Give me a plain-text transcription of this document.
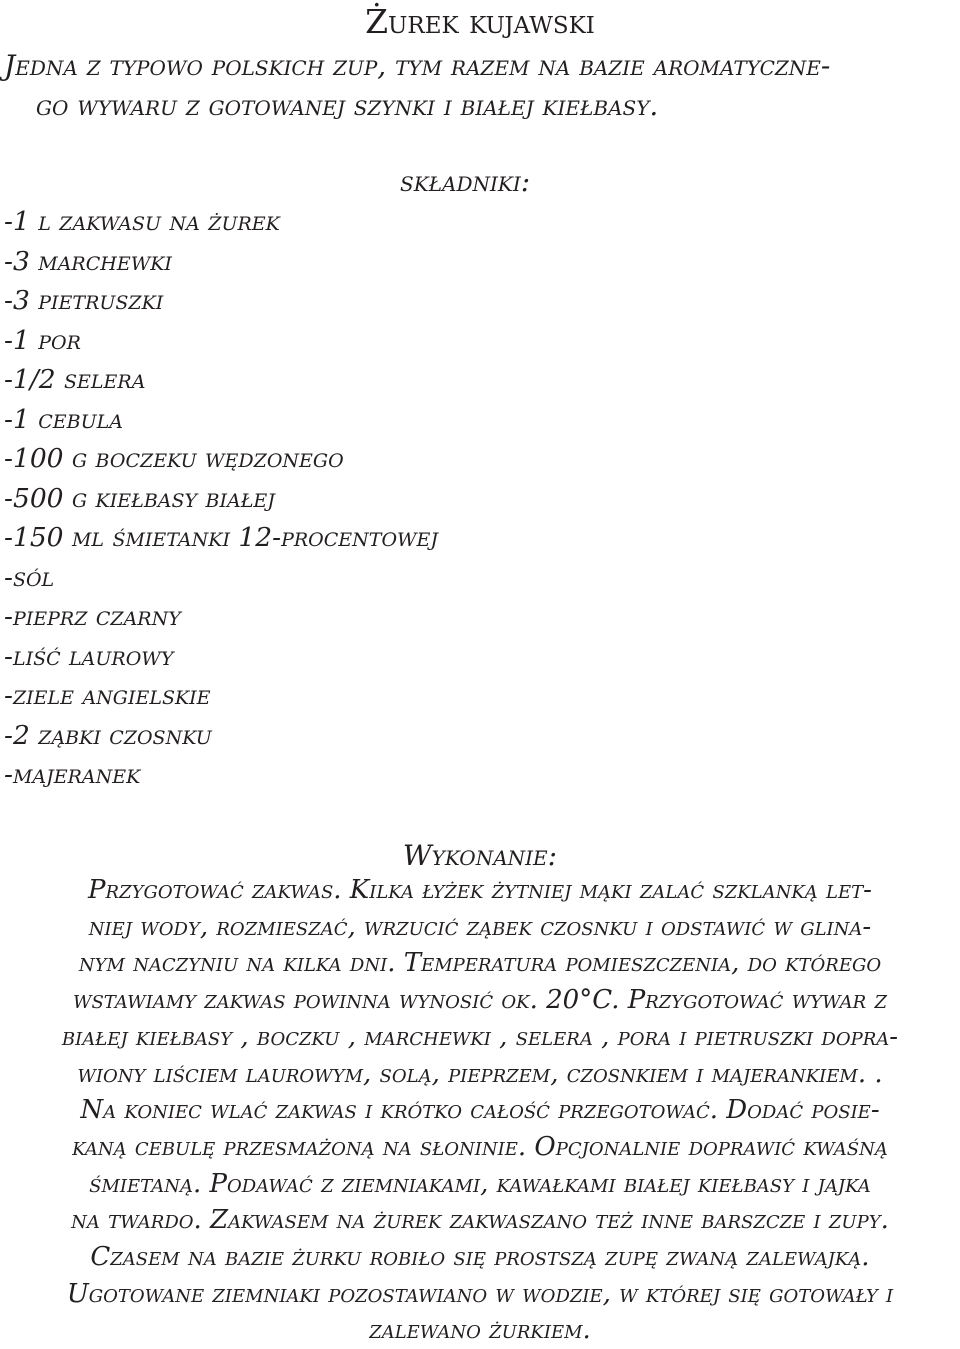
Żurek kujawski

Jedna z typowo polskich zup, tym razem na bazie aromatyczne-
go wywaru z gotowanej szynki i białej kiełbasy.

składniki:
-1 l zakwasu na żurek
-3 marchewki
-3 pietruszki
-1 por
-1/2 selera
-1 cebula
-100 g boczeku wędzonego
-500 g kiełbasy białej
-150 ml śmietanki 12-procentowej
-sól
-pieprz czarny
-liść laurowy
-ziele angielskie
-2 ząbki czosnku
-majeranek
Wykonanie:

Przygotować zakwas. Kilka łyżek żytniej mąki zalać szklanką let-
niej wody, rozmieszać, wrzucić ząbek czosnku i odstawić w glina-
nym naczyniu na kilka dni. Temperatura pomieszczenia, do którego
wstawiamy zakwas powinna wynosić ok. 20°C. Przygotować wywar z
białej kiełbasy , boczku , marchewki , selera , pora i pietruszki dopra-
wiony liściem laurowym, solą, pieprzem, czosnkiem i majerankiem. .
Na koniec wlać zakwas i krótko całość przegotować. Dodać posie-
kaną cebulę przesmażoną na słoninie. Opcjonalnie doprawić kwaśną
śmietaną. Podawać z ziemniakami, kawałkami białej kiełbasy i jajka
na twardo. Zakwasem na żurek zakwaszano też inne barszcze i zupy.
Czasem na bazie żurku robiło się prostszą zupę zwaną zalewajką.
Ugotowane ziemniaki pozostawiano w wodzie, w której się gotowały i
zalewano żurkiem.
